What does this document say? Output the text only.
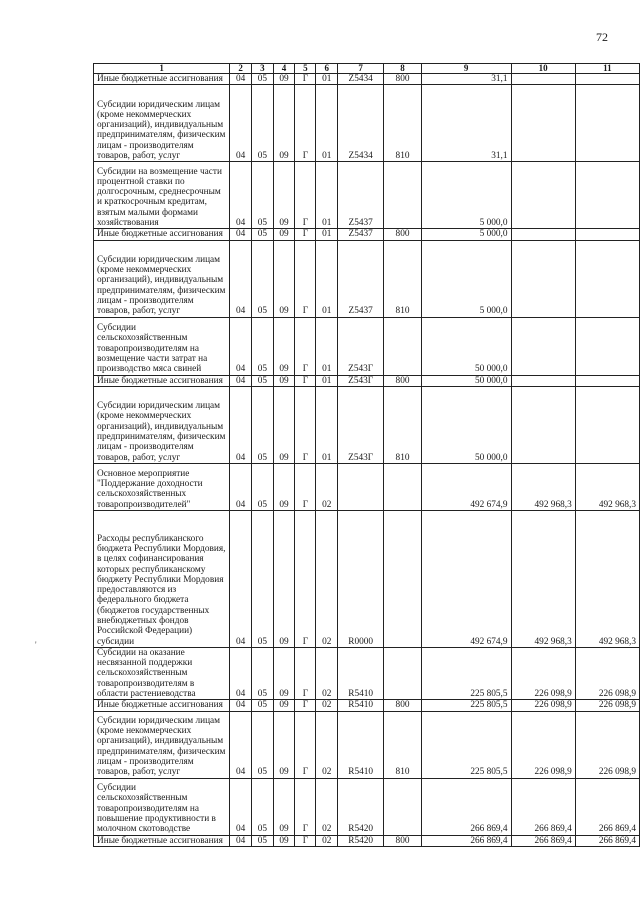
72
'
1	2	3	4	5	6	7	8	9	10	11
Иные бюджетные ассигнования	04	05	09	Г	01	Z5434	800	31,1		
Субсидии юридическим лицам (кроме некоммерческих организаций), индивидуальным предпринимателям, физическим лицам - производителям товаров, работ, услуг	04	05	09	Г	01	Z5434	810	31,1		
Субсидии на возмещение части процентной ставки по долгосрочным, среднесрочным и краткосрочным кредитам, взятым малыми формами хозяйствования	04	05	09	Г	01	Z5437		5 000,0		
Иные бюджетные ассигнования	04	05	09	Г	01	Z5437	800	5 000,0		
Субсидии юридическим лицам (кроме некоммерческих организаций), индивидуальным предпринимателям, физическим лицам - производителям товаров, работ, услуг	04	05	09	Г	01	Z5437	810	5 000,0		
Субсидии сельскохозяйственным товаропроизводителям на возмещение части затрат на производство мяса свиней	04	05	09	Г	01	Z543Г		50 000,0		
Иные бюджетные ассигнования	04	05	09	Г	01	Z543Г	800	50 000,0		
Субсидии юридическим лицам (кроме некоммерческих организаций), индивидуальным предпринимателям, физическим лицам - производителям товаров, работ, услуг	04	05	09	Г	01	Z543Г	810	50 000,0		
Основное мероприятие "Поддержание доходности сельскохозяйственных товаропроизводителей"	04	05	09	Г	02			492 674,9	492 968,3	492 968,3
Расходы республиканского бюджета Республики Мордовия, в целях софинансирования которых республиканскому бюджету Республики Мордовия предоставляются из федерального бюджета (бюджетов государственных внебюджетных фондов Российской Федерации) субсидии	04	05	09	Г	02	R0000		492 674,9	492 968,3	492 968,3
Субсидии на оказание несвязанной поддержки сельскохозяйственным товаропроизводителям в области растениеводства	04	05	09	Г	02	R5410		225 805,5	226 098,9	226 098,9
Иные бюджетные ассигнования	04	05	09	Г	02	R5410	800	225 805,5	226 098,9	226 098,9
Субсидии юридическим лицам (кроме некоммерческих организаций), индивидуальным предпринимателям, физическим лицам - производителям товаров, работ, услуг	04	05	09	Г	02	R5410	810	225 805,5	226 098,9	226 098,9
Субсидии сельскохозяйственным товаропроизводителям на повышение продуктивности в молочном скотоводстве	04	05	09	Г	02	R5420		266 869,4	266 869,4	266 869,4
Иные бюджетные ассигнования	04	05	09	Г	02	R5420	800	266 869,4	266 869,4	266 869,4
